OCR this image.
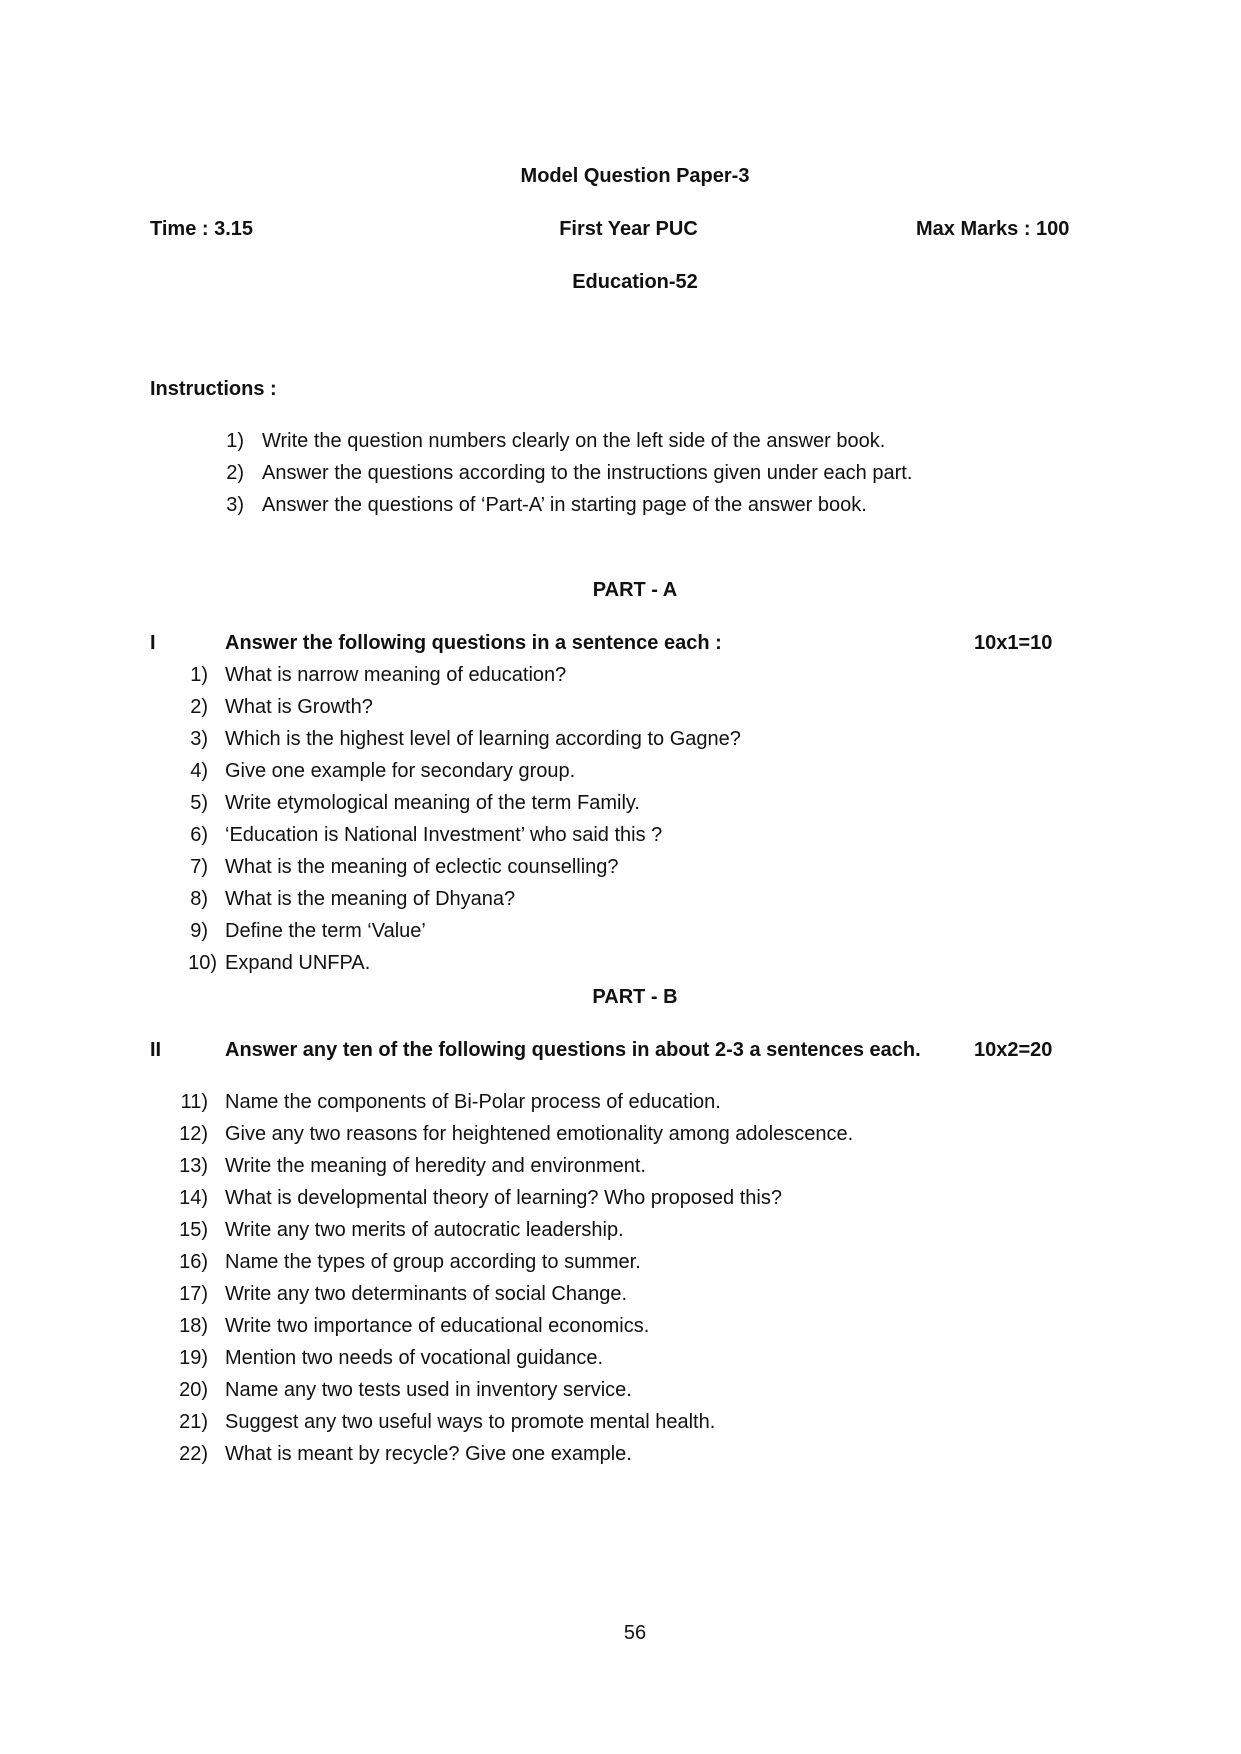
Model Question Paper-3
Time : 3.15	First Year PUC	Max Marks : 100
Education-52
Instructions :
1) Write the question numbers clearly on the left side of the answer book.
2) Answer the questions according to the instructions given under each part.
3) Answer the questions of ‘Part-A’ in starting page of the answer book.
PART - A
I	Answer the following questions in a sentence each :	10x1=10
1) What is narrow meaning of education?
2) What is Growth?
3) Which is the highest level of learning according to Gagne?
4) Give one example for secondary group.
5) Write etymological meaning of the term Family.
6) ‘Education is National Investment’ who said this ?
7) What is the meaning of eclectic counselling?
8) What is the meaning of Dhyana?
9) Define the term ‘Value’
10) Expand UNFPA.
PART - B
II	Answer any ten of the following questions in about 2-3 a sentences each.	10x2=20
11) Name the components of Bi-Polar process of education.
12) Give any two reasons for heightened emotionality among adolescence.
13) Write the meaning of heredity and environment.
14) What is developmental theory of learning? Who proposed this?
15) Write any two merits of autocratic leadership.
16) Name the types of group according to summer.
17) Write any two determinants of social Change.
18) Write two importance of educational economics.
19) Mention two needs of vocational guidance.
20) Name any two tests used in inventory service.
21) Suggest any two useful ways to promote mental health.
22) What is meant by recycle? Give one example.
56
